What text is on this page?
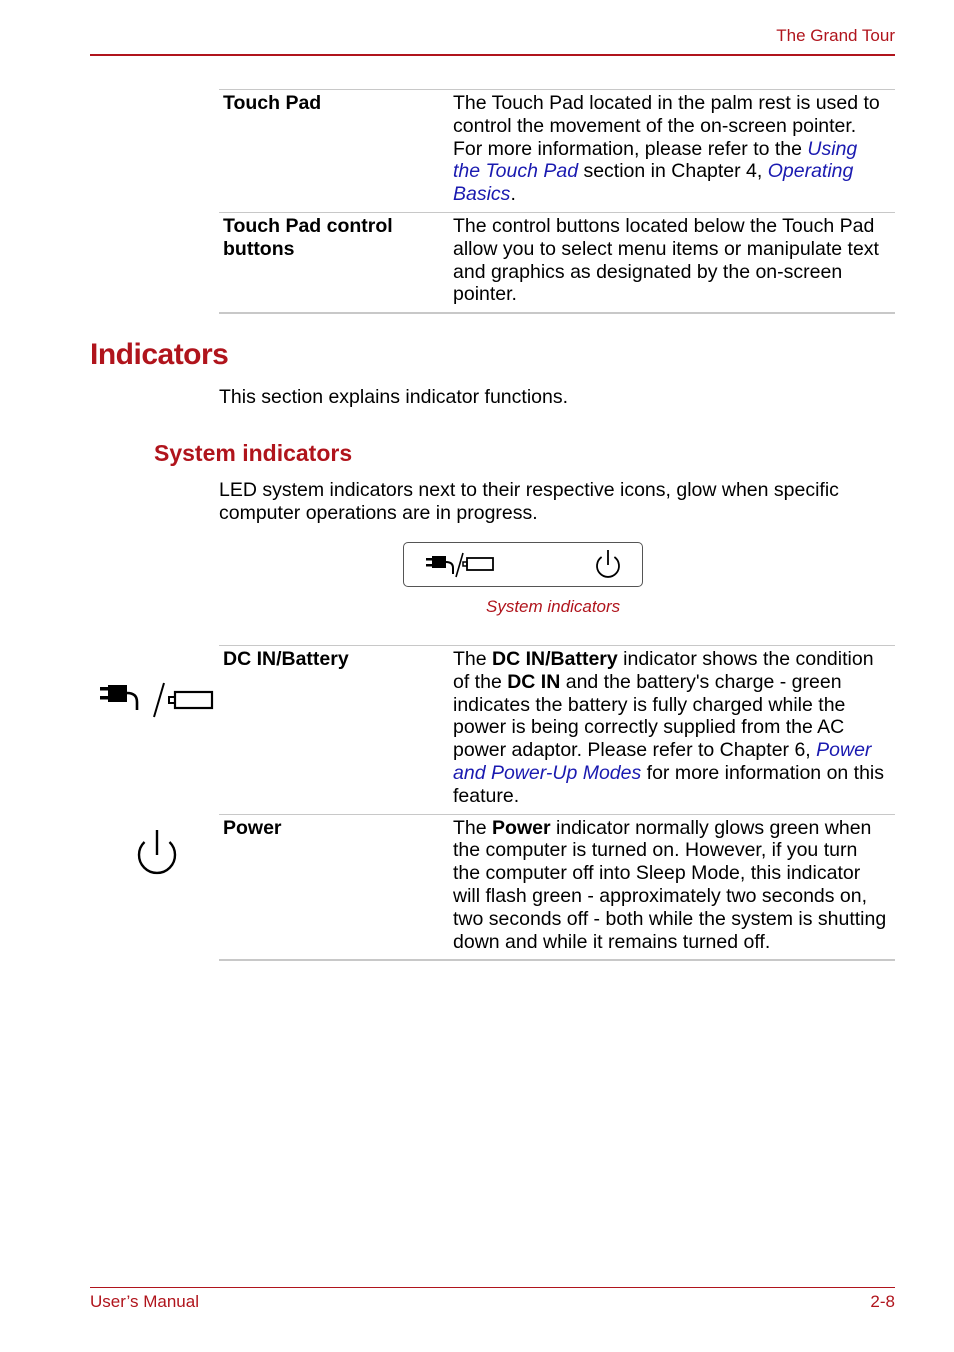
The Grand Tour
Touch Pad	The Touch Pad located in the palm rest is used to control the movement of the on-screen pointer. For more information, please refer to the Using the Touch Pad section in Chapter 4, Operating Basics.
Touch Pad control buttons	The control buttons located below the Touch Pad allow you to select menu items or manipulate text and graphics as designated by the on-screen pointer.
Indicators
This section explains indicator functions.
System indicators
LED system indicators next to their respective icons, glow when specific computer operations are in progress.
System indicators
DC IN/Battery	The DC IN/Battery indicator shows the condition of the DC IN and the battery's charge - green indicates the battery is fully charged while the power is being correctly supplied from the AC power adaptor. Please refer to Chapter 6, Power and Power-Up Modes for more information on this feature.
Power	The Power indicator normally glows green when the computer is turned on. However, if you turn the computer off into Sleep Mode, this indicator will flash green - approximately two seconds on, two seconds off - both while the system is shutting down and while it remains turned off.
User’s Manual	2-8
